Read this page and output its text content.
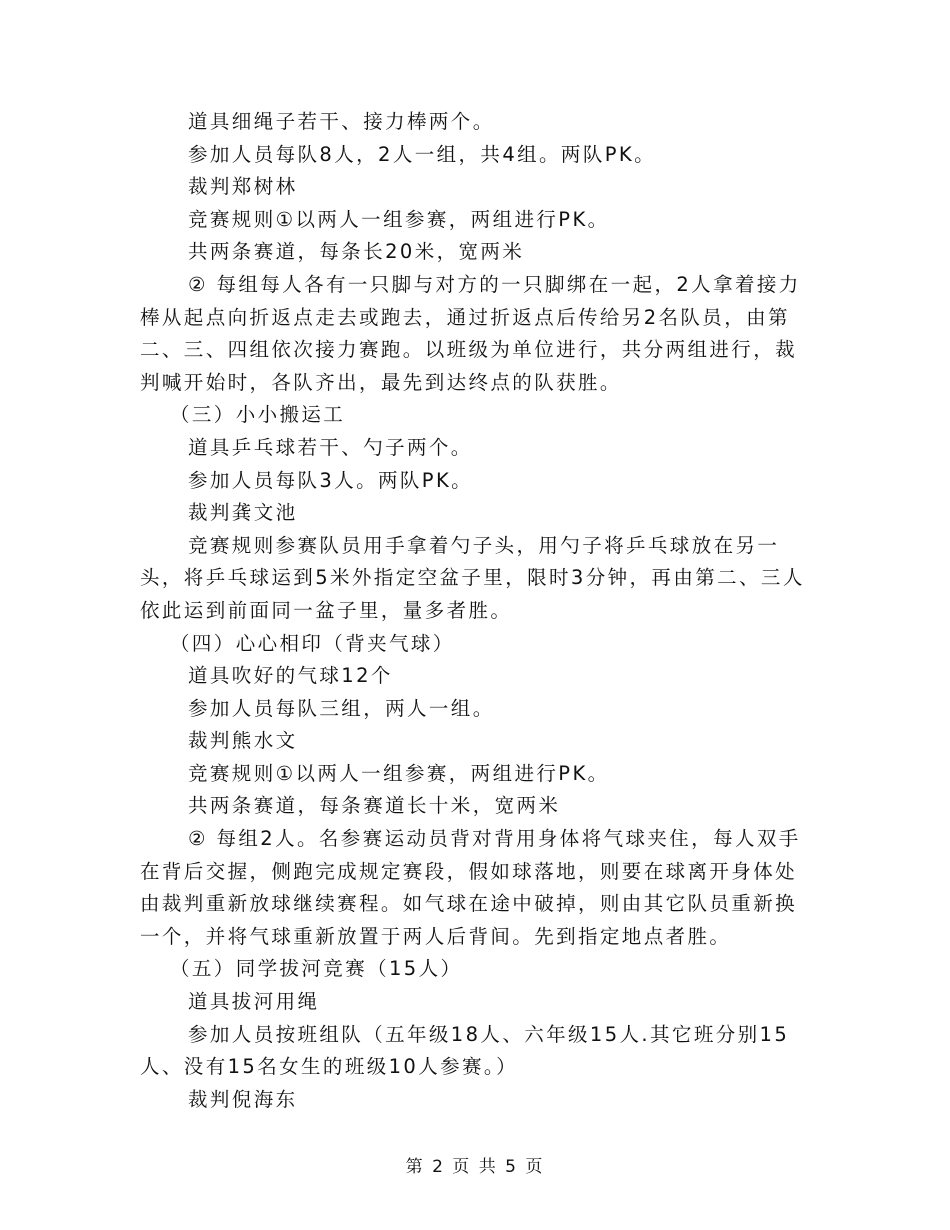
道具细绳子若干、接力棒两个。

参加人员每队8人，2人一组，共4组。两队PK。

裁判郑树林

竞赛规则①以两人一组参赛，两组进行PK。

共两条赛道，每条长20米，宽两米

② 每组每人各有一只脚与对方的一只脚绑在一起，2人拿着接力棒从起点向折返点走去或跑去，通过折返点后传给另2名队员，由第二、三、四组依次接力赛跑。以班级为单位进行，共分两组进行，裁判喊开始时，各队齐出，最先到达终点的队获胜。

（三）小小搬运工

道具乒乓球若干、勺子两个。

参加人员每队3人。两队PK。

裁判龚文池

竞赛规则参赛队员用手拿着勺子头，用勺子将乒乓球放在另一头，将乒乓球运到5米外指定空盆子里，限时3分钟，再由第二、三人依此运到前面同一盆子里，量多者胜。

（四）心心相印（背夹气球）

道具吹好的气球12个

参加人员每队三组，两人一组。

裁判熊水文

竞赛规则①以两人一组参赛，两组进行PK。

共两条赛道，每条赛道长十米，宽两米

② 每组2人。名参赛运动员背对背用身体将气球夹住，每人双手在背后交握，侧跑完成规定赛段，假如球落地，则要在球离开身体处由裁判重新放球继续赛程。如气球在途中破掉，则由其它队员重新换一个，并将气球重新放置于两人后背间。先到指定地点者胜。

（五）同学拔河竞赛（15人）

道具拔河用绳

参加人员按班组队（五年级18人、六年级15人.其它班分别15人、没有15名女生的班级10人参赛。）

裁判倪海东

第 2 页 共 5 页
